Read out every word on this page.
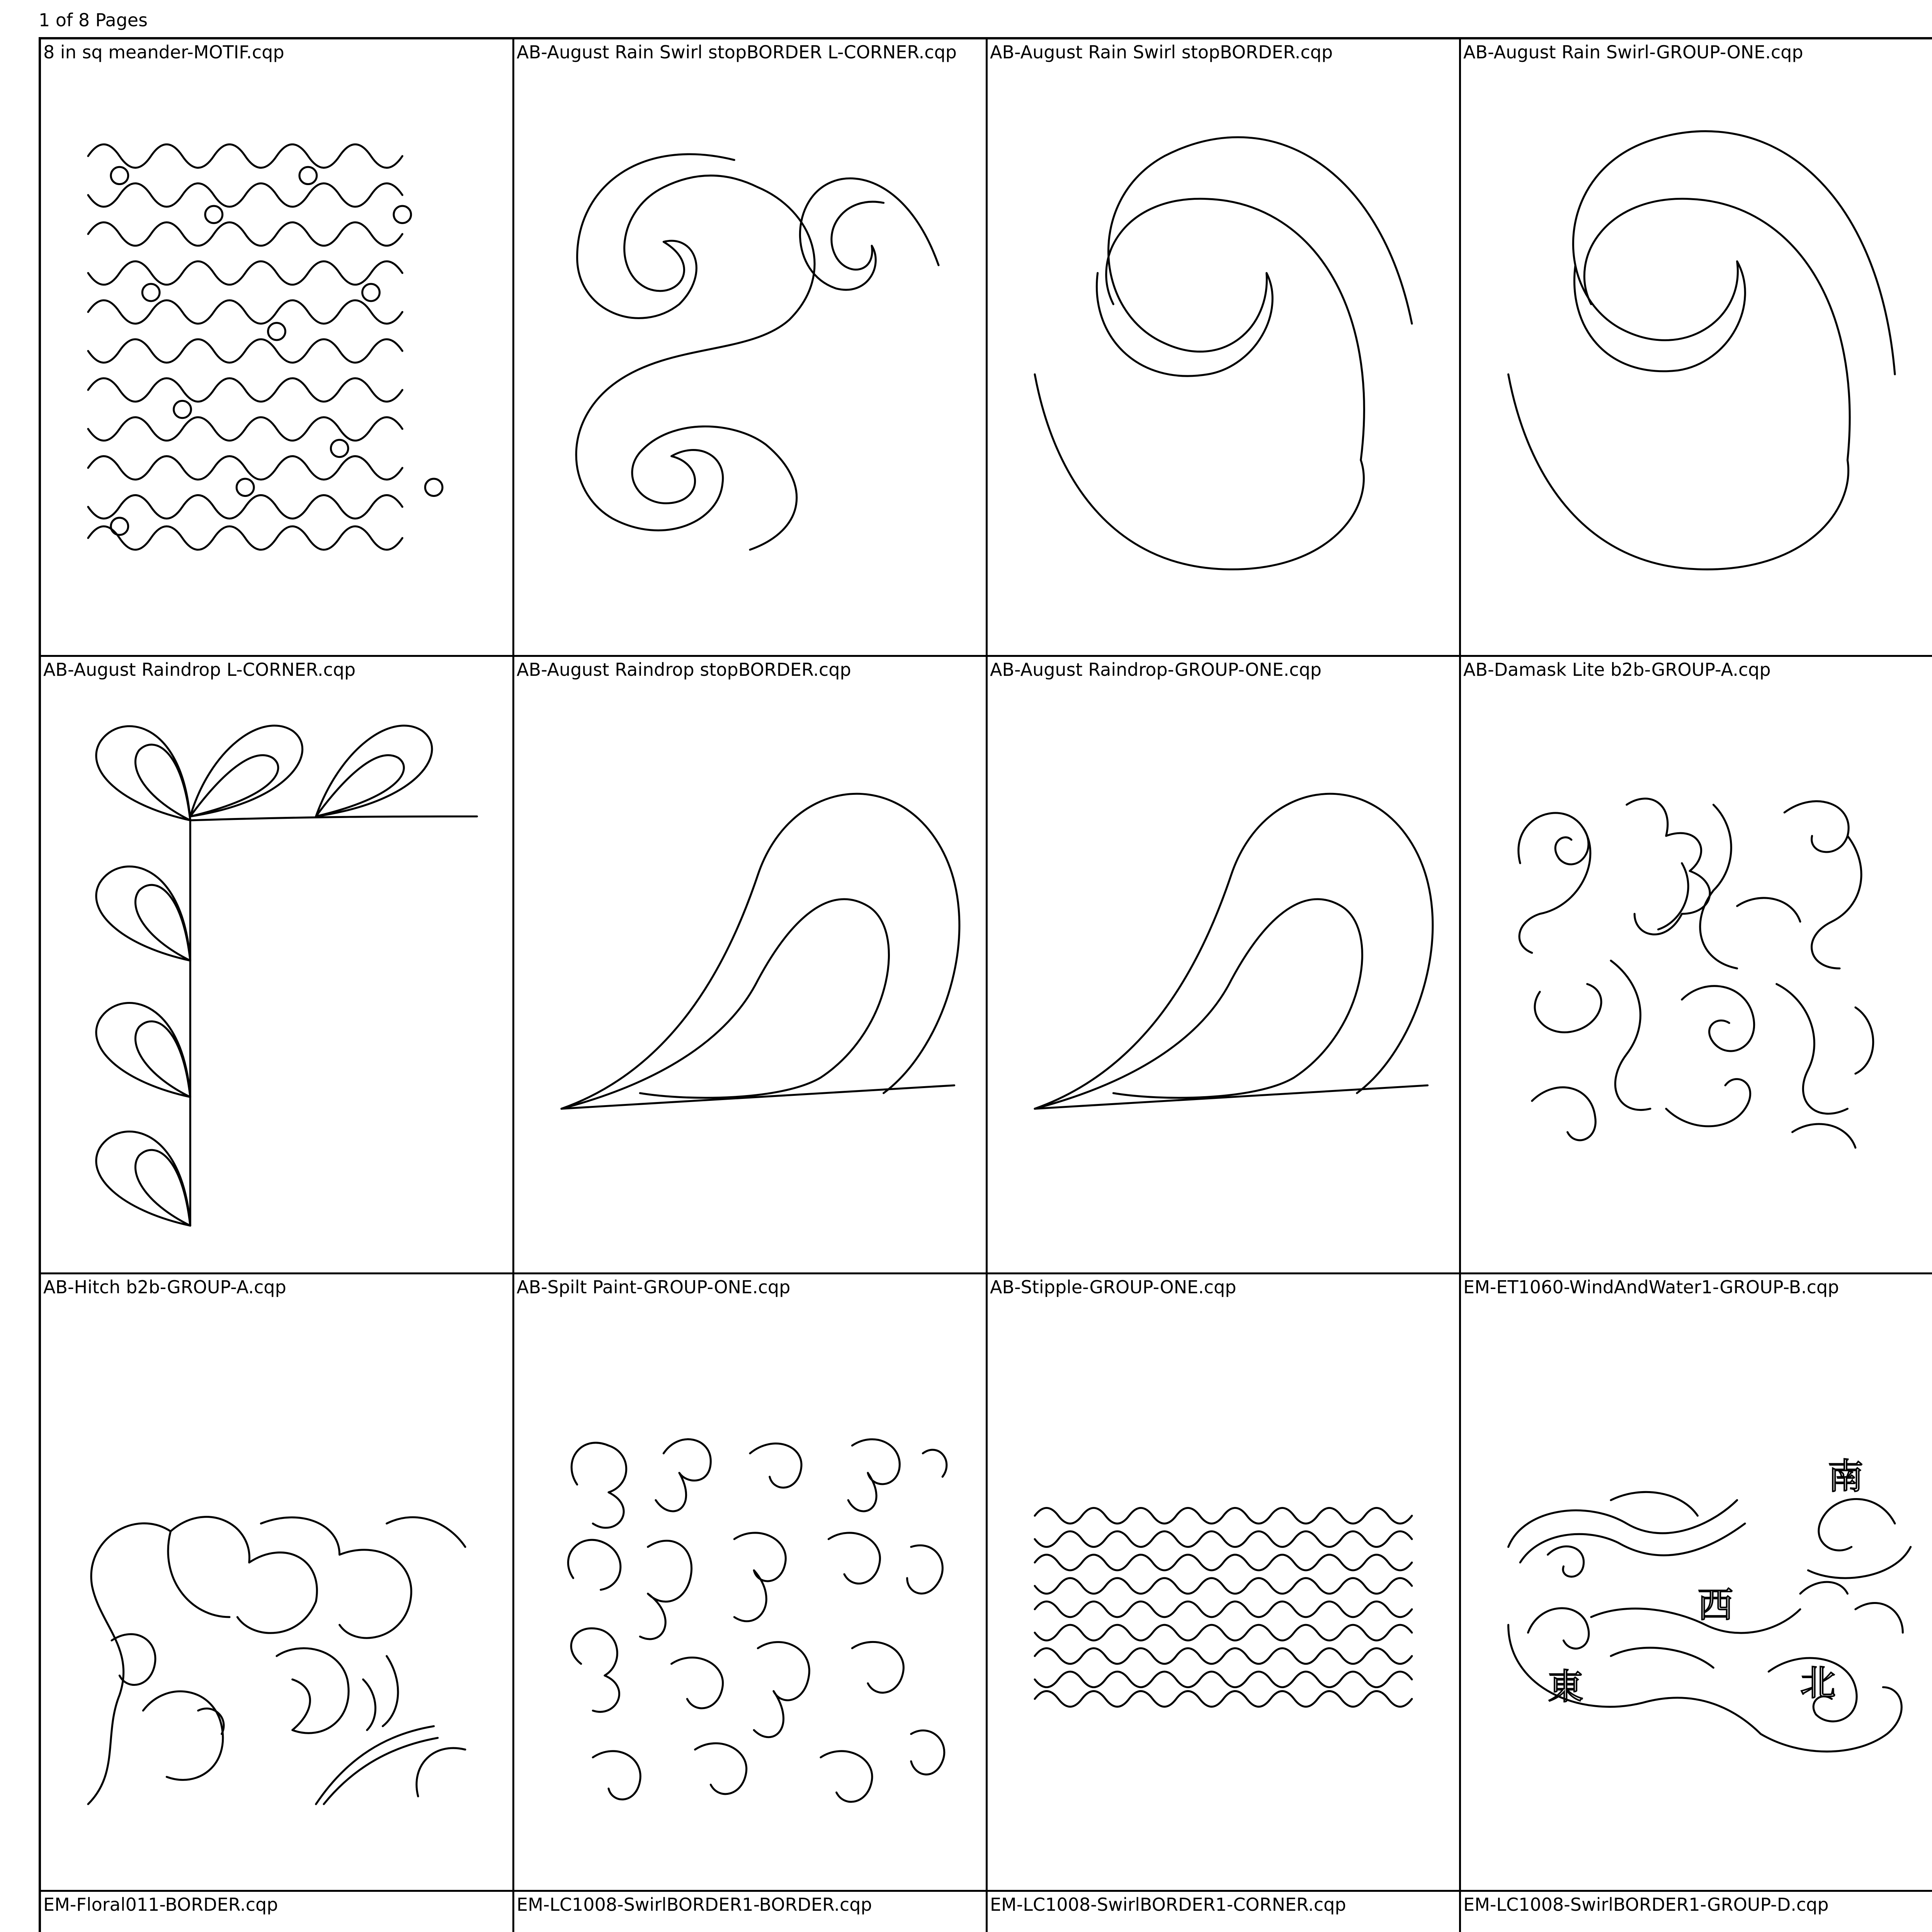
1 of 8 Pages
8 in sq meander-MOTIF.cqp	AB-August Rain Swirl stopBORDER L-CORNER.cqp AB-August Rain Swirl stopBORDER.cqp	AB-August Rain Swirl-GROUP-ONE.cqp
AB-August Raindrop L-CORNER.cqp	AB-August Raindrop stopBORDER.cqp	AB-August Raindrop-GROUP-ONE.cqp	AB-Damask Lite b2b-GROUP-A.cqp
AB-Hitch b2b-GROUP-A.cqp	AB-Spilt Paint-GROUP-ONE.cqp	AB-Stipple-GROUP-ONE.cqp	EM-ET1060-WindAndWater1-GROUP-B.cqp
南
西
東	北
EM-Floral011-BORDER.cqp	EM-LC1008-SwirlBORDER1-BORDER.cqp	EM-LC1008-SwirlBORDER1-CORNER.cqp	EM-LC1008-SwirlBORDER1-GROUP-D.cqp
